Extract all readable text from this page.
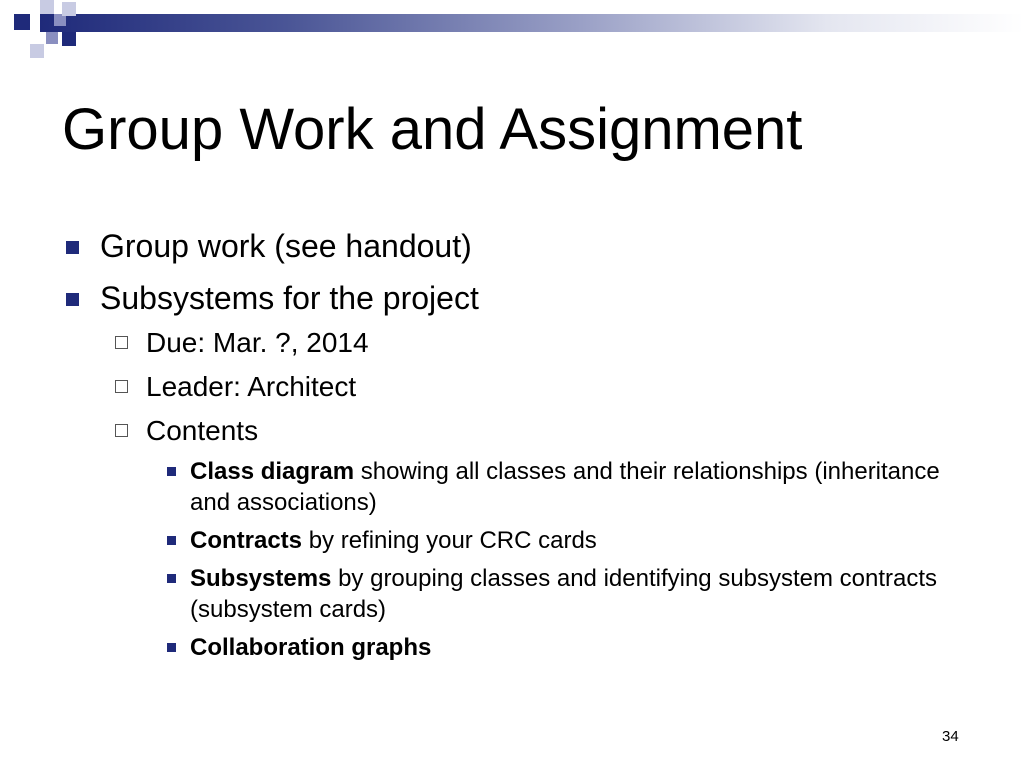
Group Work and Assignment
Group work (see handout)
Subsystems for the project
Due: Mar. ?, 2014
Leader: Architect
Contents
Class diagram showing all classes and their relationships (inheritance and associations)
Contracts by refining your CRC cards
Subsystems by grouping classes and identifying subsystem contracts (subsystem cards)
Collaboration graphs
34
